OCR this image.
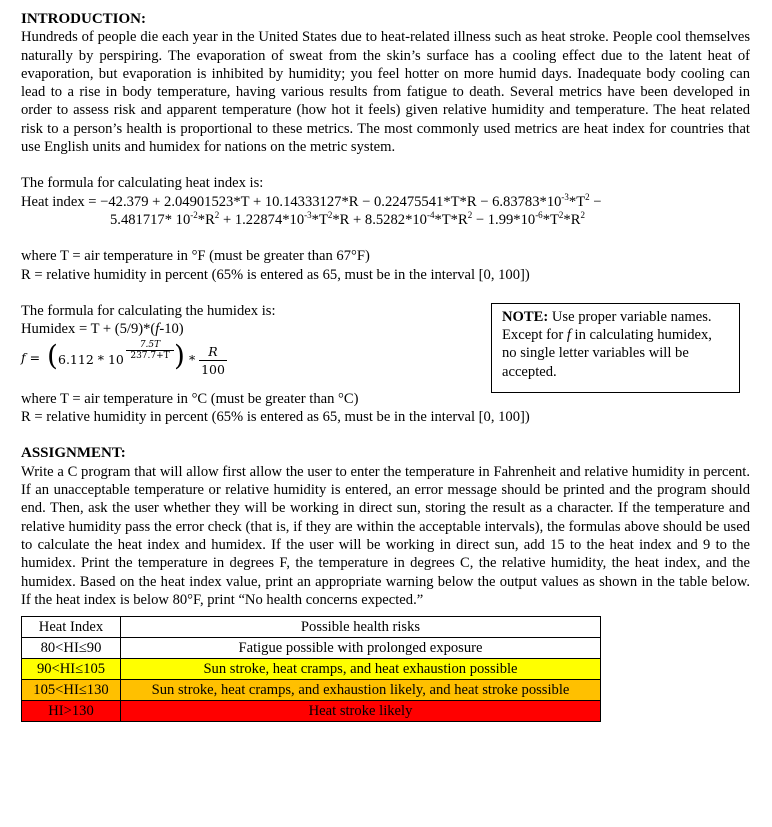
INTRODUCTION:

Hundreds of people die each year in the United States due to heat-related illness such as heat stroke. People cool themselves naturally by perspiring. The evaporation of sweat from the skin’s surface has a cooling effect due to the latent heat of evaporation, but evaporation is inhibited by humidity; you feel hotter on more humid days. Inadequate body cooling can lead to a rise in body temperature, having various results from fatigue to death. Several metrics have been developed in order to assess risk and apparent temperature (how hot it feels) given relative humidity and temperature. The heat related risk to a person’s health is proportional to these metrics. The most commonly used metrics are heat index for countries that use English units and humidex for nations on the metric system.

The formula for calculating heat index is:
Heat index = $-42.379 + 2.04901523*T + 10.14333127*R - 0.22475541*T*R - 6.83783*10^{-3}*T^2$ −
5.481717* $10^{-2}*R^2 + 1.22874*10^{-3}*T^2*R + 8.5282*10^{-4}*T*R^2 - 1.99*10^{-6}*T^2*R^2$
where T = air temperature in °F (must be greater than 67°F)
R = relative humidity in percent (65% is entered as 65, must be in the interval [0, 100])
The formula for calculating the humidex is:
Humidex = T + (5/9)*(f-10)
f = ( $6.112 * 10 \frac{7.5T}{237.7+T}$ ) * $\frac{R}{100}$
NOTE: Use proper variable names. Except for f in calculating humidex, no single letter variables will be accepted.
where T = air temperature in °C (must be greater than °C)
R = relative humidity in percent (65% is entered as 65, must be in the interval [0, 100])
ASSIGNMENT:

Write a C program that will allow first allow the user to enter the temperature in Fahrenheit and relative humidity in percent. If an unacceptable temperature or relative humidity is entered, an error message should be printed and the program should end. Then, ask the user whether they will be working in direct sun, storing the result as a character. If the temperature and relative humidity pass the error check (that is, if they are within the acceptable intervals), the formulas above should be used to calculate the heat index and humidex. If the user will be working in direct sun, add 15 to the heat index and 9 to the humidex. Print the temperature in degrees F, the temperature in degrees C, the relative humidity, the heat index, and the humidex. Based on the heat index value, print an appropriate warning below the output values as shown in the table below. If the heat index is below 80°F, print “No health concerns expected.”

Heat Index	Possible health risks
80<HI≤90	Fatigue possible with prolonged exposure
90<HI≤105	Sun stroke, heat cramps, and heat exhaustion possible
105<HI≤130	Sun stroke, heat cramps, and exhaustion likely, and heat stroke possible
HI>130	Heat stroke likely
